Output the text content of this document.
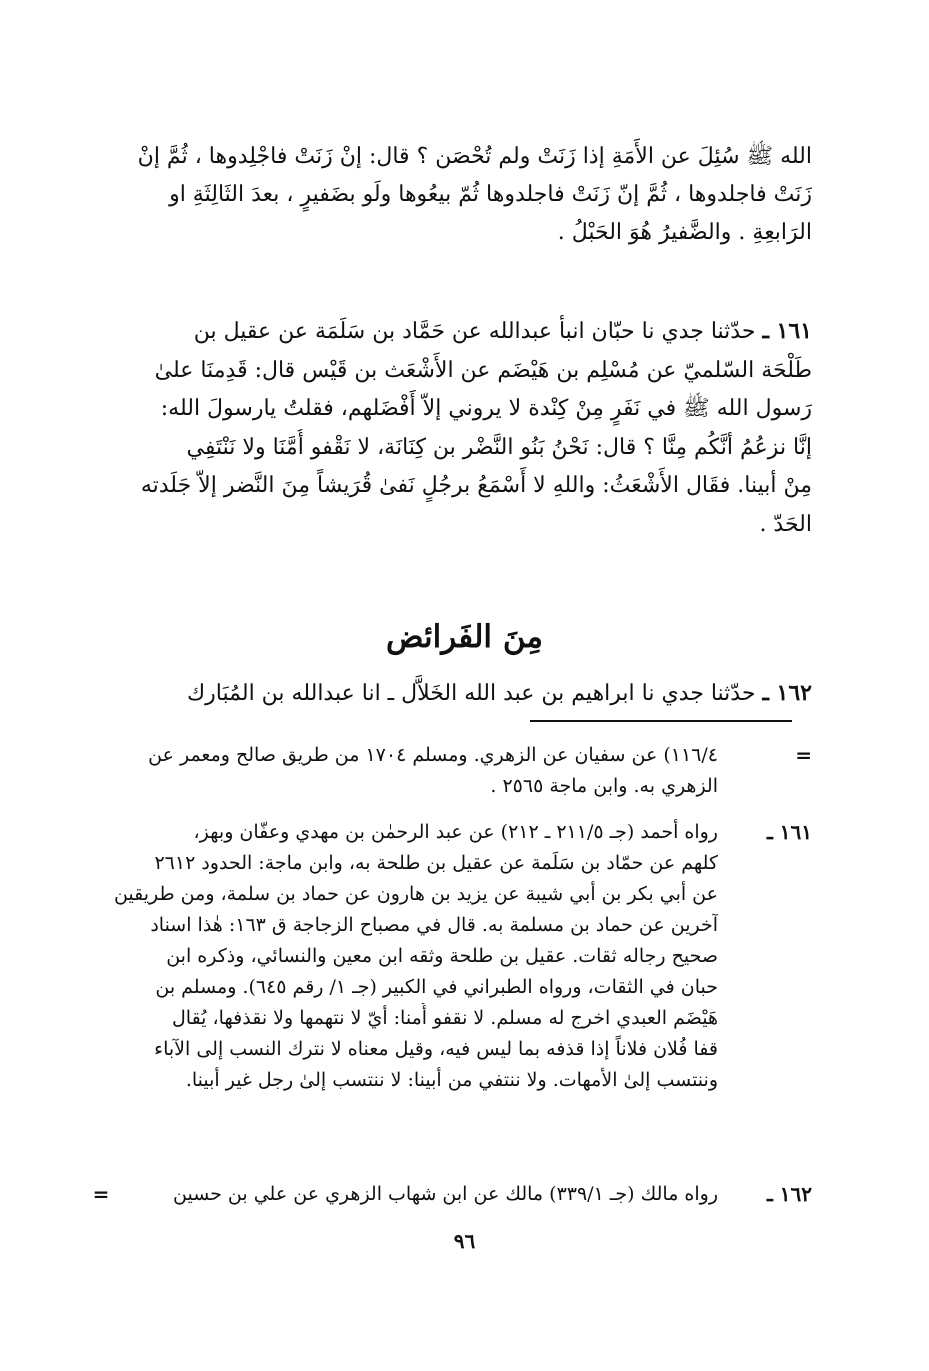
الله ﷺ سُئِلَ عن الأَمَةِ إذا زَنَتْ ولم تُحْصَن ؟ قال: إنْ زَنَتْ فاجْلِدوها ، ثُمَّ إنْ
زَنَتْ فاجلدوها ، ثُمَّ إنّ زَنَتْ فاجلدوها ثُمّ بيعُوها ولَو بضَفيرٍ ، بعدَ الثَالِثَةِ او
الرَابعِةِ . والضَّفيرُ هُوَ الحَبْلُ .
١٦١ ـ حدّثنا جدي نا حبّان انبأ عبدالله عن حَمَّاد بن سَلَمَة عن عقيل بن
طَلْحَة السّلميّ عن مُسْلِم بن هَيْضَم عن الأَشْعَث بن قَيْس قال: قَدِمنَا علىٰ
رَسول الله ﷺ في نَفَرٍ مِنْ كِنْدة لا يروني إلاّ أَفْضَلهم، فقلتُ يارسولَ الله:
إنَّا نزعُمُ أنَّكُم مِنَّا ؟ قال: نَحْنُ بَنُو النَّضْر بن كِنَانَة، لا نَقْفو أُمَّنَا ولا نَنْتَفِي
مِنْ أبينا. فقَال الأَشْعَثُ: واللهِ لا أَسْمَعُ برجُلٍ نَفىٰ قُرَيشاً مِنَ النَّضر إلاّ جَلَدته
الحَدّ .
مِنَ الفَرائض
١٦٢ ـ حدّثنا جدي نا ابراهيم بن عبد الله الخَلاَّل ـ انا عبدالله بن المُبَارك
=
١١٦/٤) عن سفيان عن الزهري. ومسلم ١٧٠٤ من طريق صالح ومعمر عن
الزهري به. وابن ماجة ٢٥٦٥ .
١٦١ ـ
رواه أحمد (جـ ٢١١/٥ ـ ٢١٢) عن عبد الرحمٰن بن مهدي وعفّان وبهز،
كلهم عن حمّاد بن سَلَمة عن عقيل بن طلحة به، وابن ماجة: الحدود ٢٦١٢
عن أبي بكر بن أبي شيبة عن يزيد بن هارون عن حماد بن سلمة، ومن طريقين
آخرين عن حماد بن مسلمة به. قال في مصباح الزجاجة ق ١٦٣: هٰذا اسناد
صحيح رجاله ثقات. عقيل بن طلحة وثقه ابن معين والنسائي، وذكره ابن
حبان في الثقات، ورواه الطبراني في الكبير (جـ ١/ رقم ٦٤٥). ومسلم بن
هَيْضَم العبدي اخرج له مسلم. لا نقفو أُمنا: أيّ لا نتهمها ولا نقذفها، يُقال
قفا فُلان فلاناً إذا قذفه بما ليس فيه، وقيل معناه لا نترك النسب إلى الآباء
وننتسب إلىٰ الأمهات. ولا ننتفي من أبينا: لا ننتسب إلىٰ رجل غير أبينا.
١٦٢ ـ
رواه مالك (جـ ٣٣٩/١) مالك عن ابن شهاب الزهري عن علي بن حسين
=
٩٦
